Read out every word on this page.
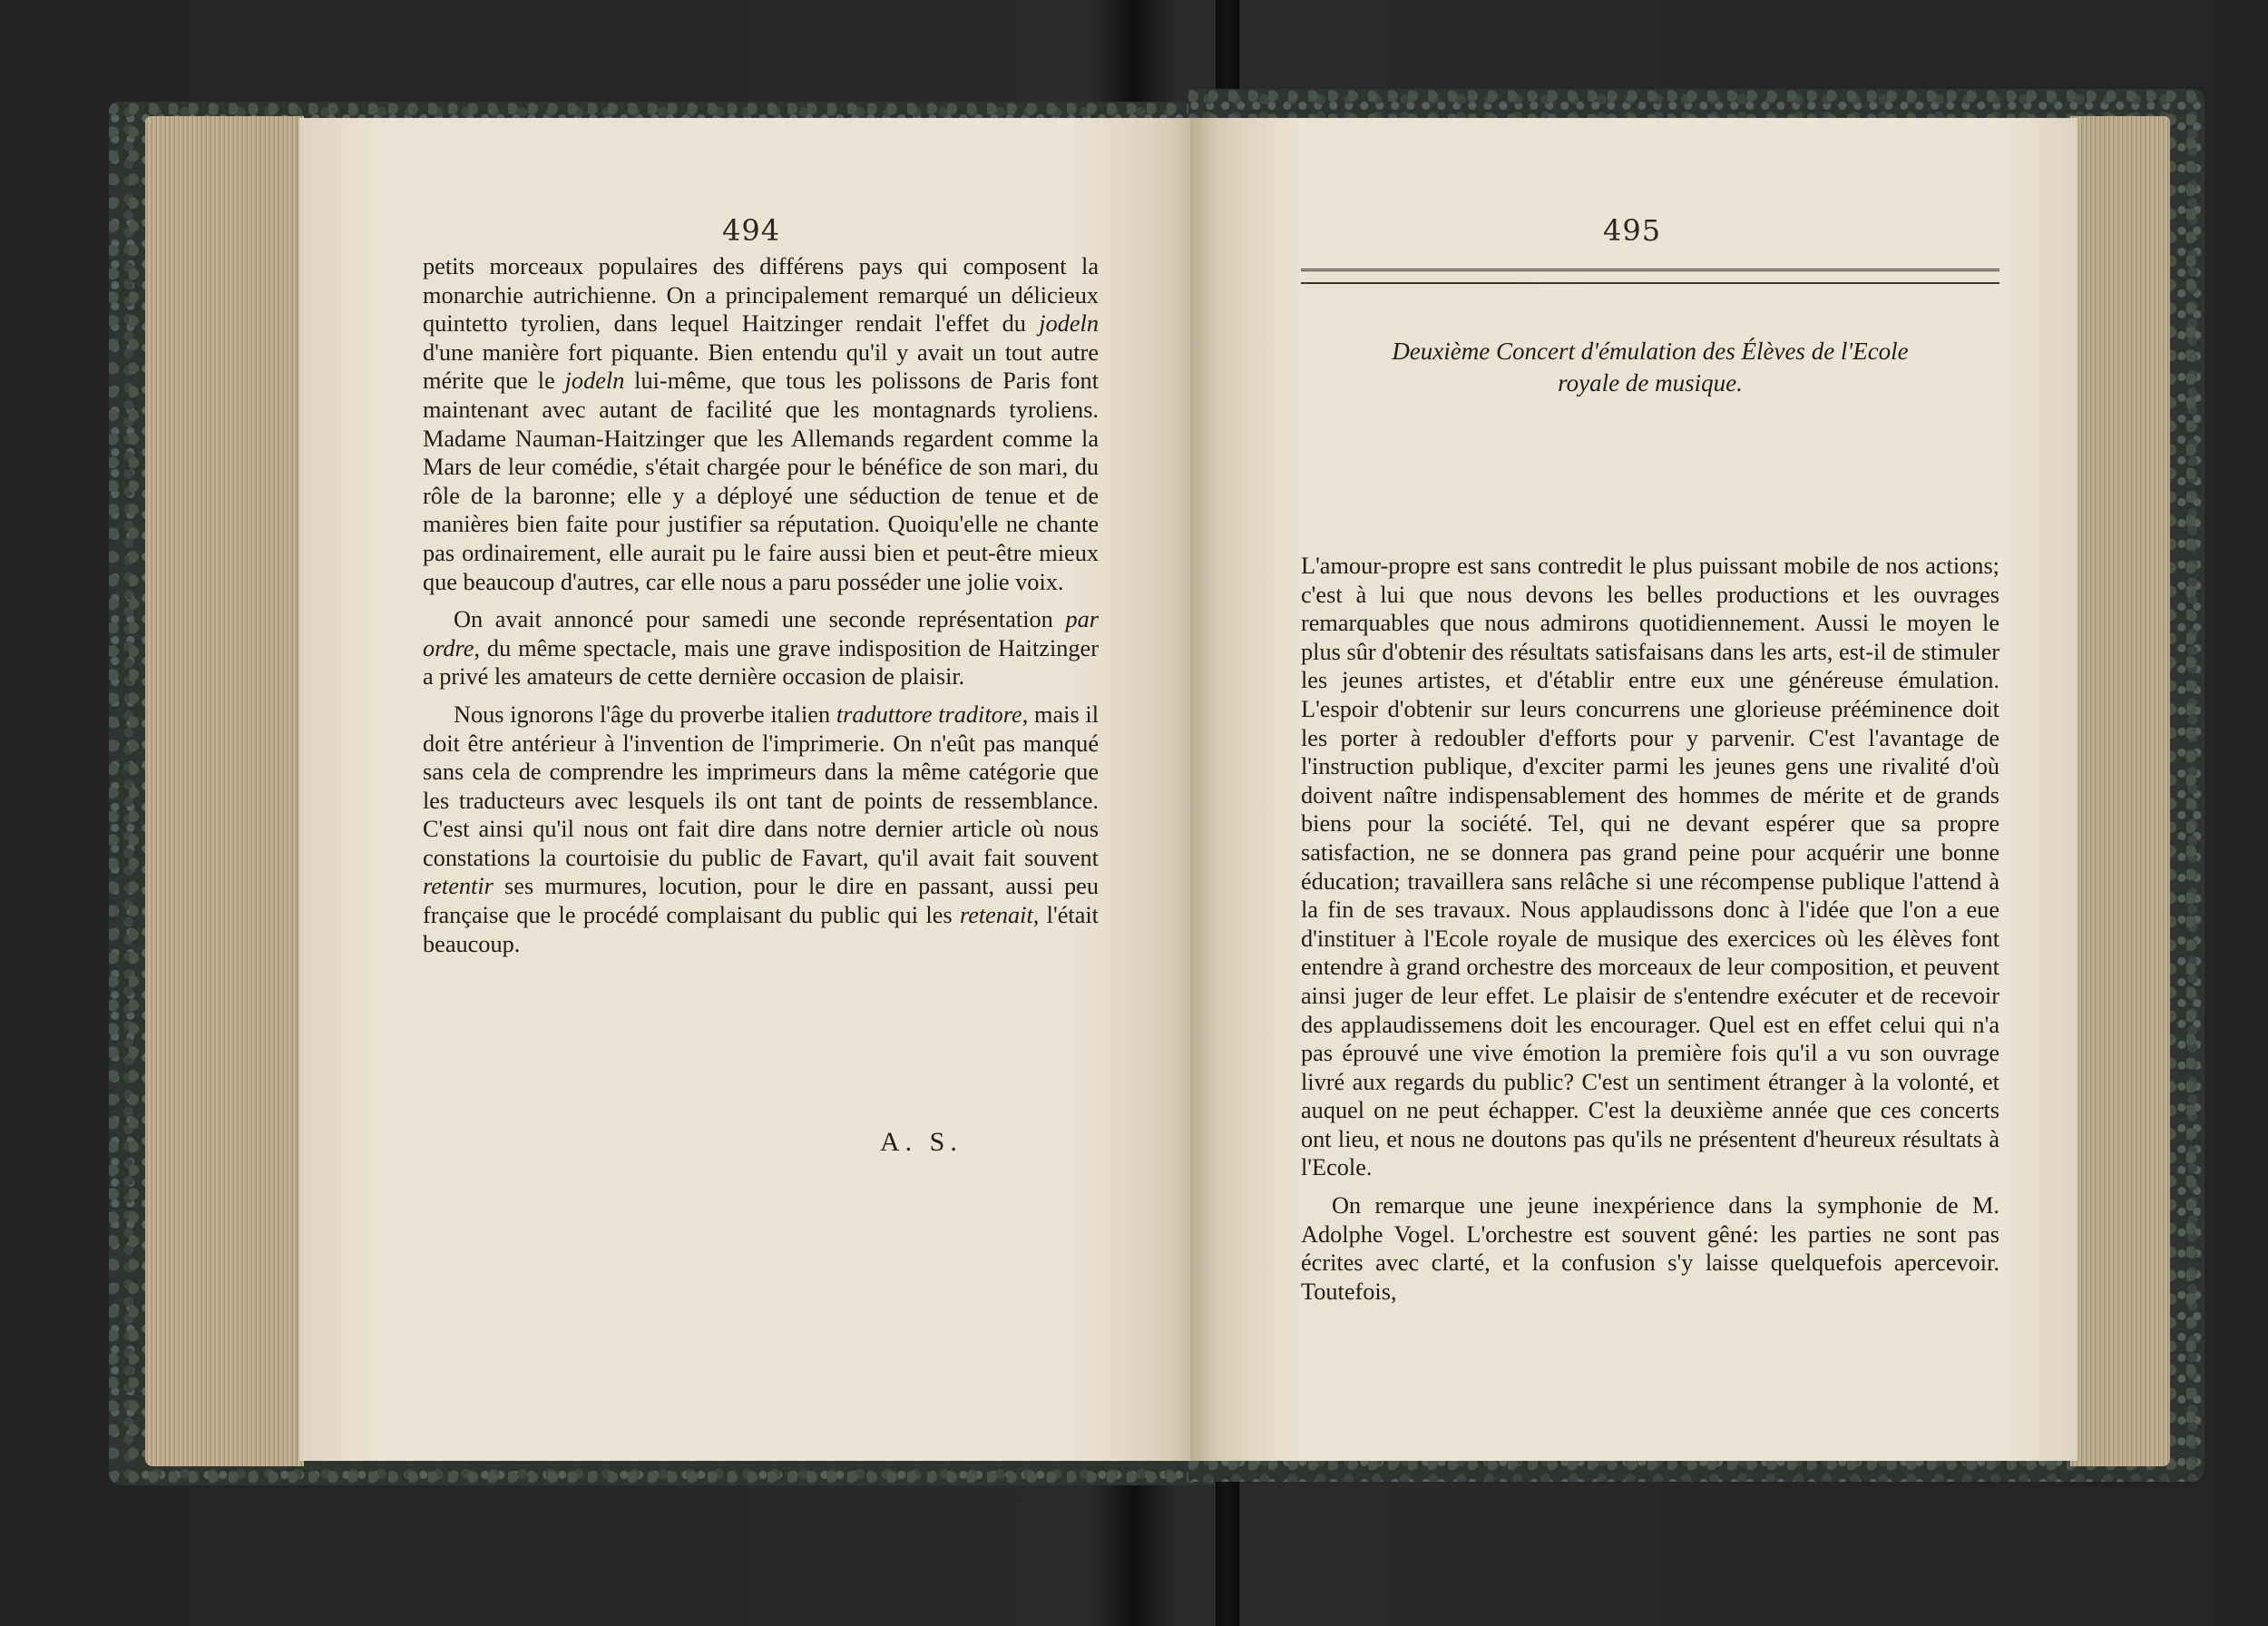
494

petits morceaux populaires des différens pays qui composent la monarchie autrichienne. On a principalement remarqué un délicieux quintetto tyrolien, dans lequel Haitzinger rendait l'effet du jodeln d'une manière fort piquante. Bien entendu qu'il y avait un tout autre mérite que le jodeln lui-même, que tous les polissons de Paris font maintenant avec autant de facilité que les montagnards tyroliens. Madame Nauman-Haitzinger que les Allemands regardent comme la Mars de leur comédie, s'était chargée pour le bénéfice de son mari, du rôle de la baronne; elle y a déployé une séduction de tenue et de manières bien faite pour justifier sa réputation. Quoiqu'elle ne chante pas ordinairement, elle aurait pu le faire aussi bien et peut-être mieux que beaucoup d'autres, car elle nous a paru posséder une jolie voix.

On avait annoncé pour samedi une seconde représentation par ordre, du même spectacle, mais une grave indisposition de Haitzinger a privé les amateurs de cette dernière occasion de plaisir.

Nous ignorons l'âge du proverbe italien traduttore traditore, mais il doit être antérieur à l'invention de l'imprimerie. On n'eût pas manqué sans cela de comprendre les imprimeurs dans la même catégorie que les traducteurs avec lesquels ils ont tant de points de ressemblance. C'est ainsi qu'il nous ont fait dire dans notre dernier article où nous constations la courtoisie du public de Favart, qu'il avait fait souvent retentir ses murmures, locution, pour le dire en passant, aussi peu française que le procédé complaisant du public qui les retenait, l'était beaucoup.

A. S.
495
Deuxième Concert d'émulation des Élèves de l'Ecole
royale de musique.

L'amour-propre est sans contredit le plus puissant mobile de nos actions; c'est à lui que nous devons les belles productions et les ouvrages remarquables que nous admirons quotidiennement. Aussi le moyen le plus sûr d'obtenir des résultats satisfaisans dans les arts, est-il de stimuler les jeunes artistes, et d'établir entre eux une généreuse émulation. L'espoir d'obtenir sur leurs concurrens une glorieuse prééminence doit les porter à redoubler d'efforts pour y parvenir. C'est l'avantage de l'instruction publique, d'exciter parmi les jeunes gens une rivalité d'où doivent naître indispensablement des hommes de mérite et de grands biens pour la société. Tel, qui ne devant espérer que sa propre satisfaction, ne se donnera pas grand peine pour acquérir une bonne éducation; travaillera sans relâche si une récompense publique l'attend à la fin de ses travaux. Nous applaudissons donc à l'idée que l'on a eue d'instituer à l'Ecole royale de musique des exercices où les élèves font entendre à grand orchestre des morceaux de leur composition, et peuvent ainsi juger de leur effet. Le plaisir de s'entendre exécuter et de recevoir des applaudissemens doit les encourager. Quel est en effet celui qui n'a pas éprouvé une vive émotion la première fois qu'il a vu son ouvrage livré aux regards du public? C'est un sentiment étranger à la volonté, et auquel on ne peut échapper. C'est la deuxième année que ces concerts ont lieu, et nous ne doutons pas qu'ils ne présentent d'heureux résultats à l'Ecole.

On remarque une jeune inexpérience dans la symphonie de M. Adolphe Vogel. L'orchestre est souvent gêné: les parties ne sont pas écrites avec clarté, et la confusion s'y laisse quelquefois apercevoir. Toutefois,
